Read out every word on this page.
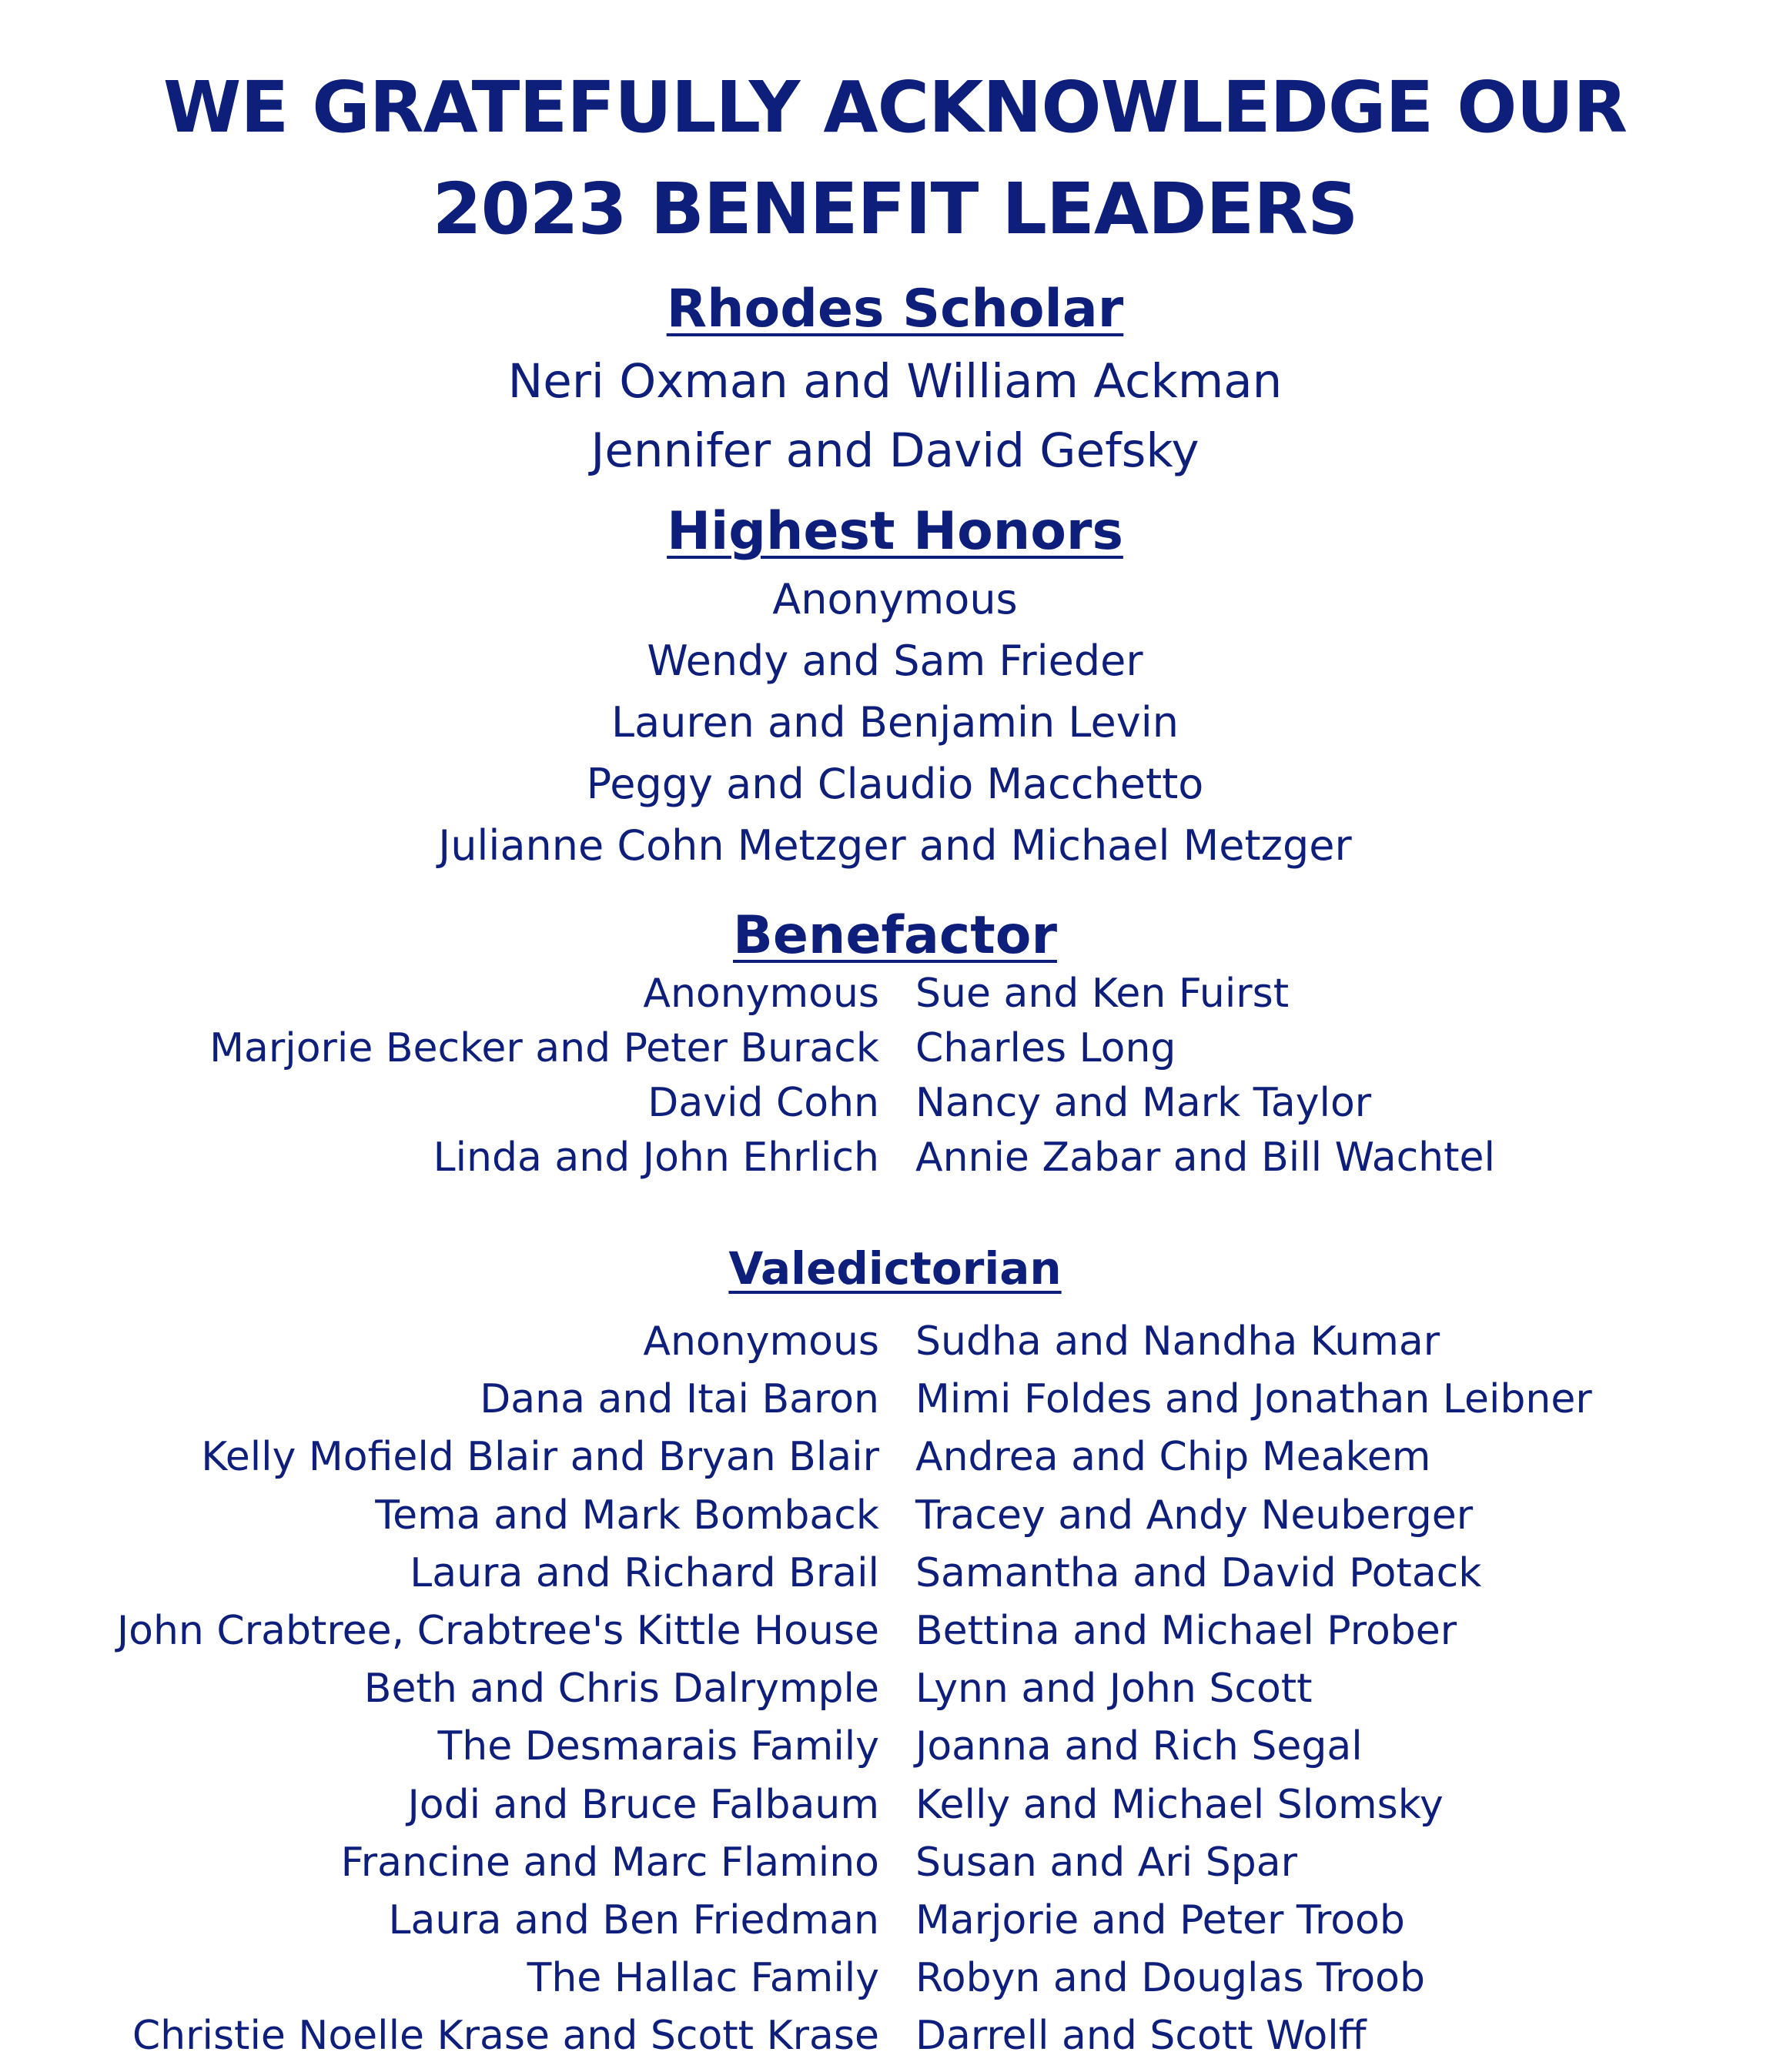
WE GRATEFULLY ACKNOWLEDGE OUR
2023 BENEFIT LEADERS
Rhodes Scholar
Neri Oxman and William Ackman
Jennifer and David Gefsky
Highest Honors
Anonymous
Wendy and Sam Frieder
Lauren and Benjamin Levin
Peggy and Claudio Macchetto
Julianne Cohn Metzger and Michael Metzger
Benefactor
Anonymous
Marjorie Becker and Peter Burack
David Cohn
Linda and John Ehrlich
Sue and Ken Fuirst
Charles Long
Nancy and Mark Taylor
Annie Zabar and Bill Wachtel
Valedictorian
Anonymous
Dana and Itai Baron
Kelly Mofield Blair and Bryan Blair
Tema and Mark Bomback
Laura and Richard Brail
John Crabtree, Crabtree's Kittle House
Beth and Chris Dalrymple
The Desmarais Family
Jodi and Bruce Falbaum
Francine and Marc Flamino
Laura and Ben Friedman
The Hallac Family
Christie Noelle Krase and Scott Krase
Sudha and Nandha Kumar
Mimi Foldes and Jonathan Leibner
Andrea and Chip Meakem
Tracey and Andy Neuberger
Samantha and David Potack
Bettina and Michael Prober
Lynn and John Scott
Joanna and Rich Segal
Kelly and Michael Slomsky
Susan and Ari Spar
Marjorie and Peter Troob
Robyn and Douglas Troob
Darrell and Scott Wolff
